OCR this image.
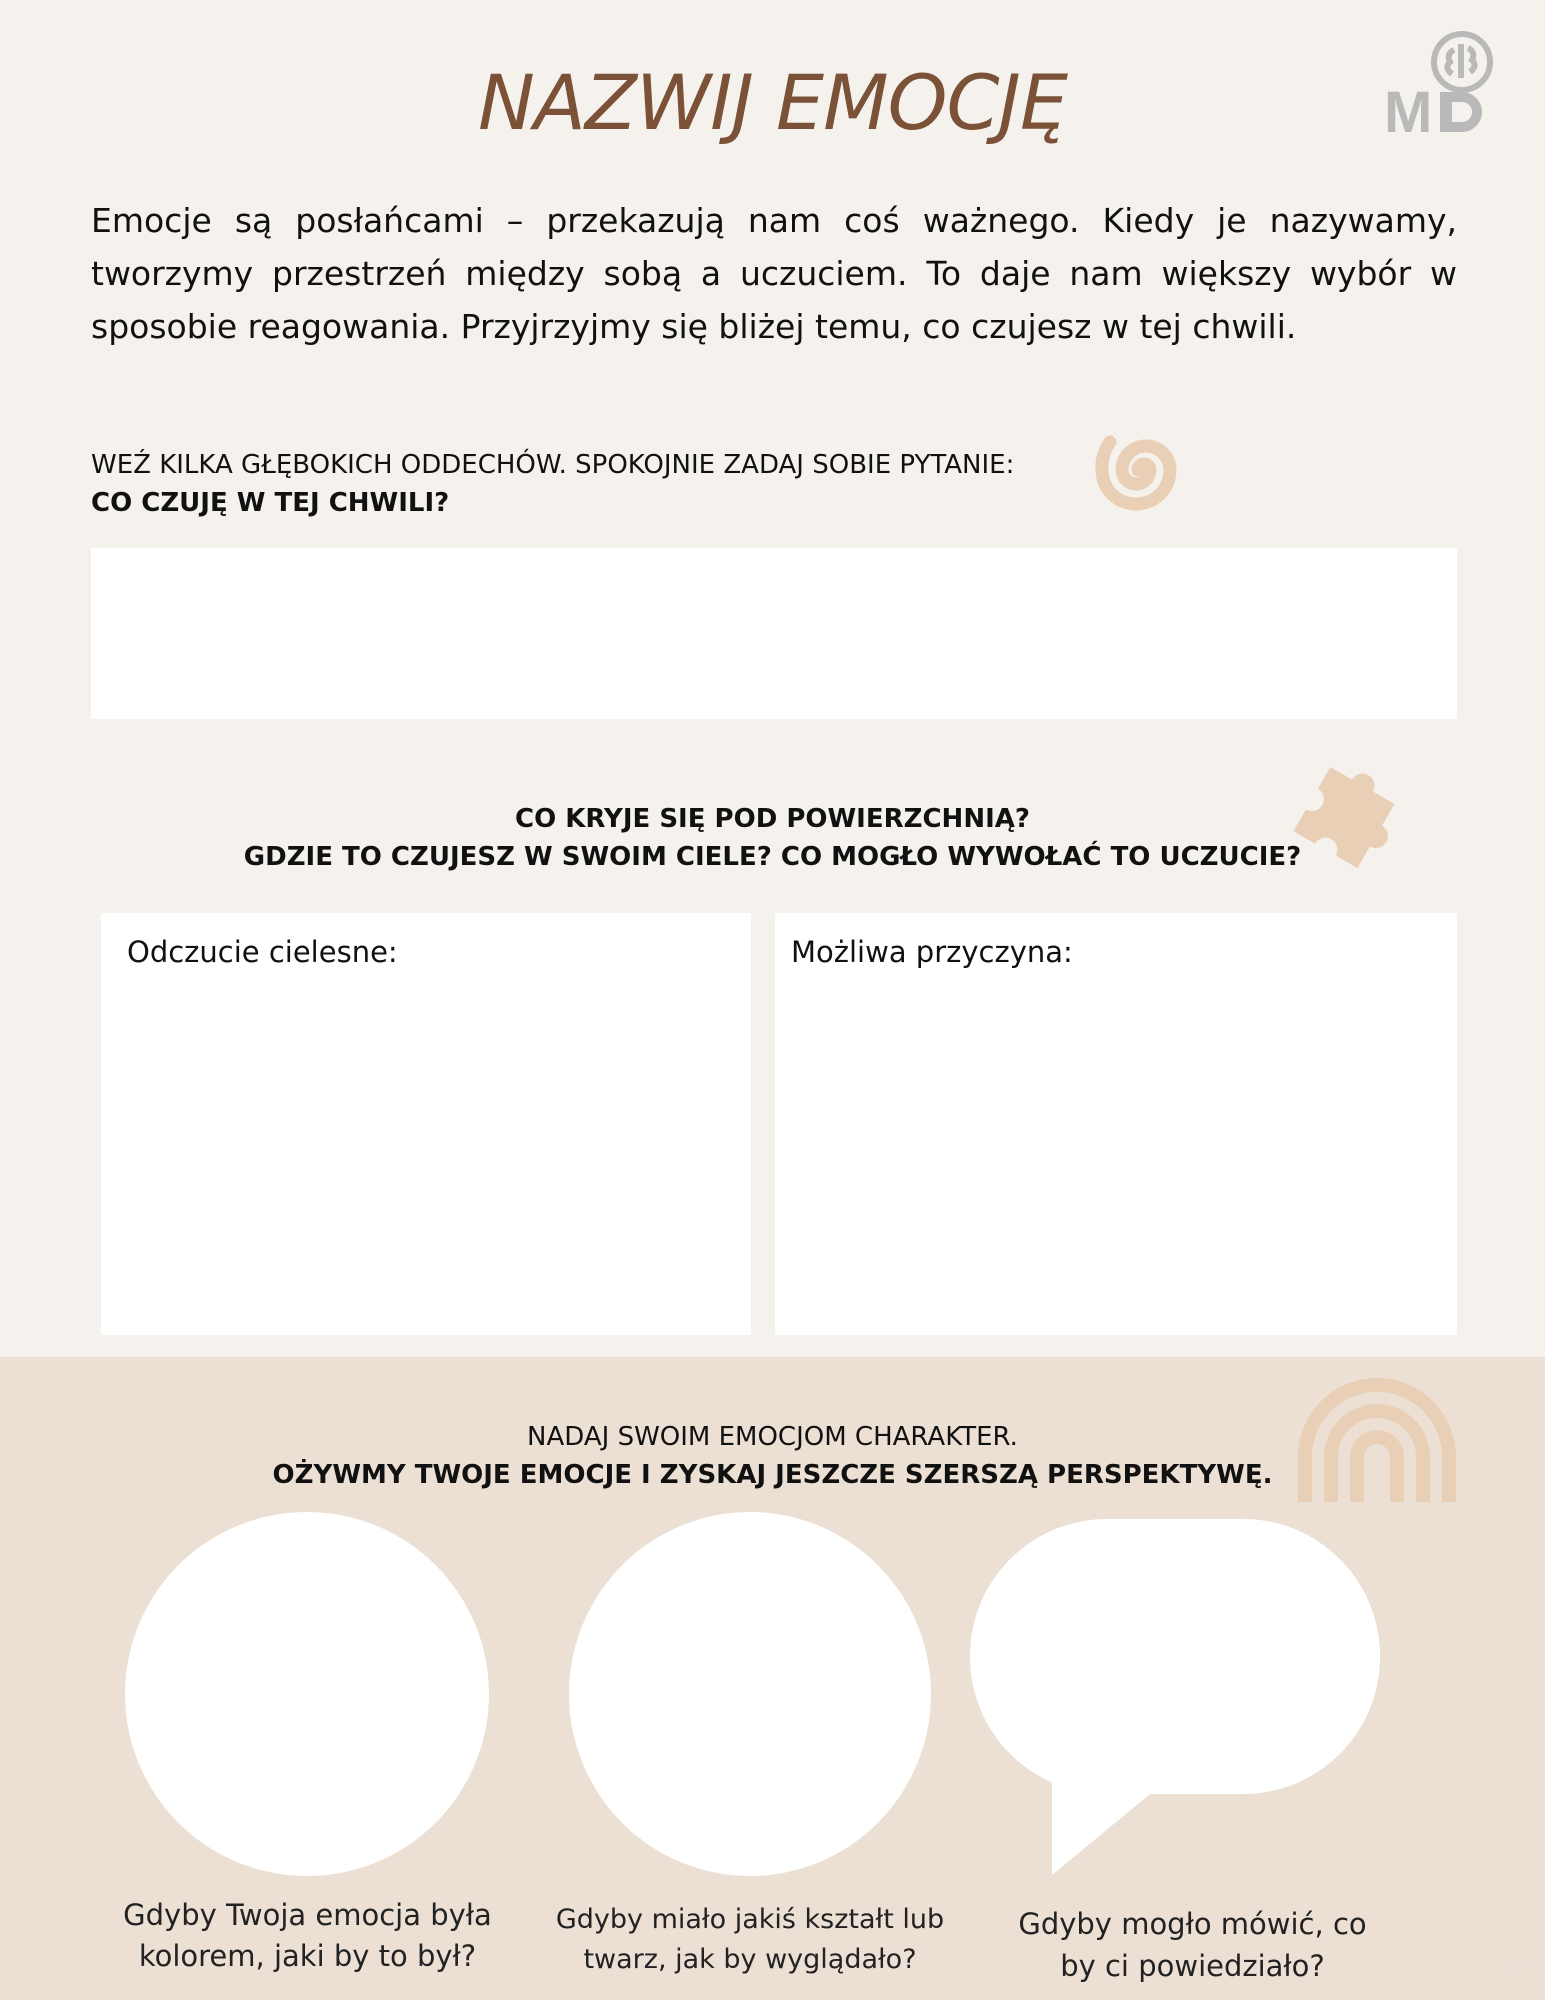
NAZWIJ EMOCJĘ	M
Emocje są posłańcami – przekazują nam coś ważnego. Kiedy je nazywamy, tworzymy przestrzeń między sobą a uczuciem. To daje nam większy wybór w sposobie reagowania. Przyjrzyjmy się bliżej temu, co czujesz w tej chwili.
WEŹ KILKA GŁĘBOKICH ODDECHÓW. SPOKOJNIE ZADAJ SOBIE PYTANIE:
CO CZUJĘ W TEJ CHWILI?
CO KRYJE SIĘ POD POWIERZCHNIĄ?
GDZIE TO CZUJESZ W SWOIM CIELE? CO MOGŁO WYWOŁAĆ TO UCZUCIE?
Odczucie cielesne:	Możliwa przyczyna:
NADAJ SWOIM EMOCJOM CHARAKTER.
OŻYWMY TWOJE EMOCJE I ZYSKAJ JESZCZE SZERSZĄ PERSPEKTYWĘ.
Gdyby Twoja emocja była
kolorem, jaki by to był?
Gdyby miało jakiś kształt lub
twarz, jak by wyglądało?
Gdyby mogło mówić, co
by ci powiedziało?	17
